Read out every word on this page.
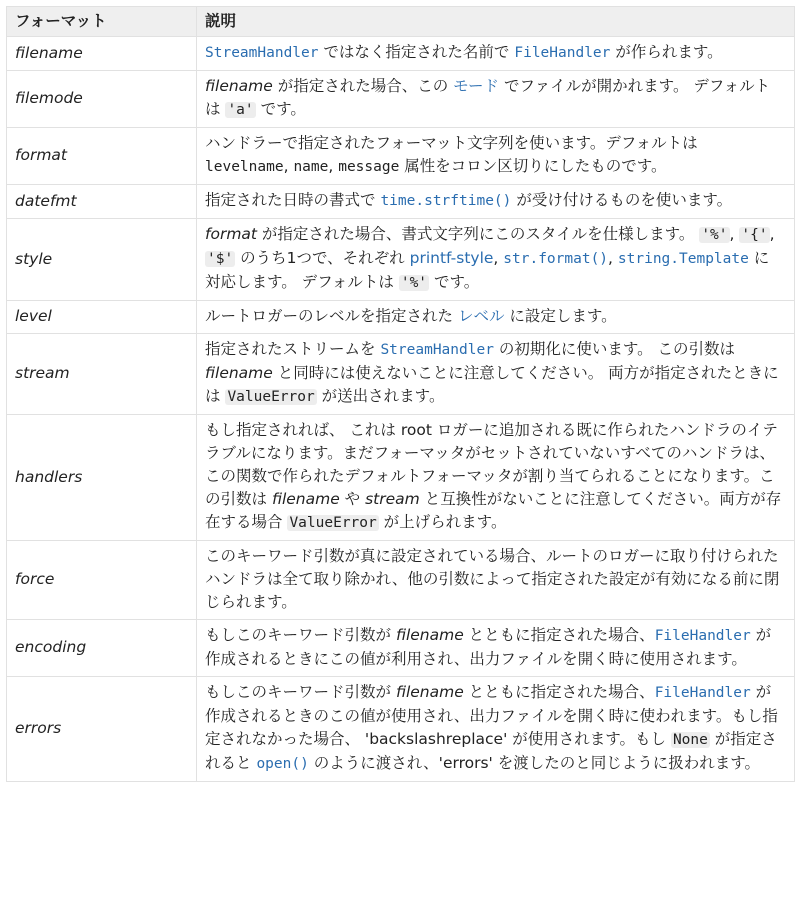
フォーマット	説明
filename	StreamHandler ではなく指定された名前で FileHandler が作られます。
filemode	filename が指定された場合、この モード でファイルが開かれます。 デフォルトは 'a' です。
format	ハンドラーで指定されたフォーマット文字列を使います。デフォルトは levelname, name, message 属性をコロン区切りにしたものです。
datefmt	指定された日時の書式で time.strftime() が受け付けるものを使います。
style	format が指定された場合、書式文字列にこのスタイルを仕様します。 '%' , '{' , '$' のうち1つで、それぞれ printf-style, str.format(), string.Template に対応します。 デフォルトは '%' です。
level	ルートロガーのレベルを指定された レベル に設定します。
stream	指定されたストリームを StreamHandler の初期化に使います。 この引数は filename と同時には使えないことに注意してください。 両方が指定されたときには ValueError が送出されます。
handlers	もし指定されれば、 これは root ロガーに追加される既に作られたハンドラのイテラブルになります。まだフォーマッタがセットされていないすべてのハンドラは、この関数で作られたデフォルトフォーマッタが割り当てられることになります。この引数は filename や stream と互換性がないことに注意してください。両方が存在する場合 ValueError が上げられます。
force	このキーワード引数が真に設定されている場合、ルートのロガーに取り付けられたハンドラは全て取り除かれ、他の引数によって指定された設定が有効になる前に閉じられます。
encoding	もしこのキーワード引数が filename とともに指定された場合、FileHandler が作成されるときにこの値が利用され、出力ファイルを開く時に使用されます。
errors	もしこのキーワード引数が filename とともに指定された場合、FileHandler が作成されるときのこの値が使用され、出力ファイルを開く時に使われます。もし指定されなかった場合、 'backslashreplace' が使用されます。もし None が指定されると open() のように渡され、'errors' を渡したのと同じように扱われます。
